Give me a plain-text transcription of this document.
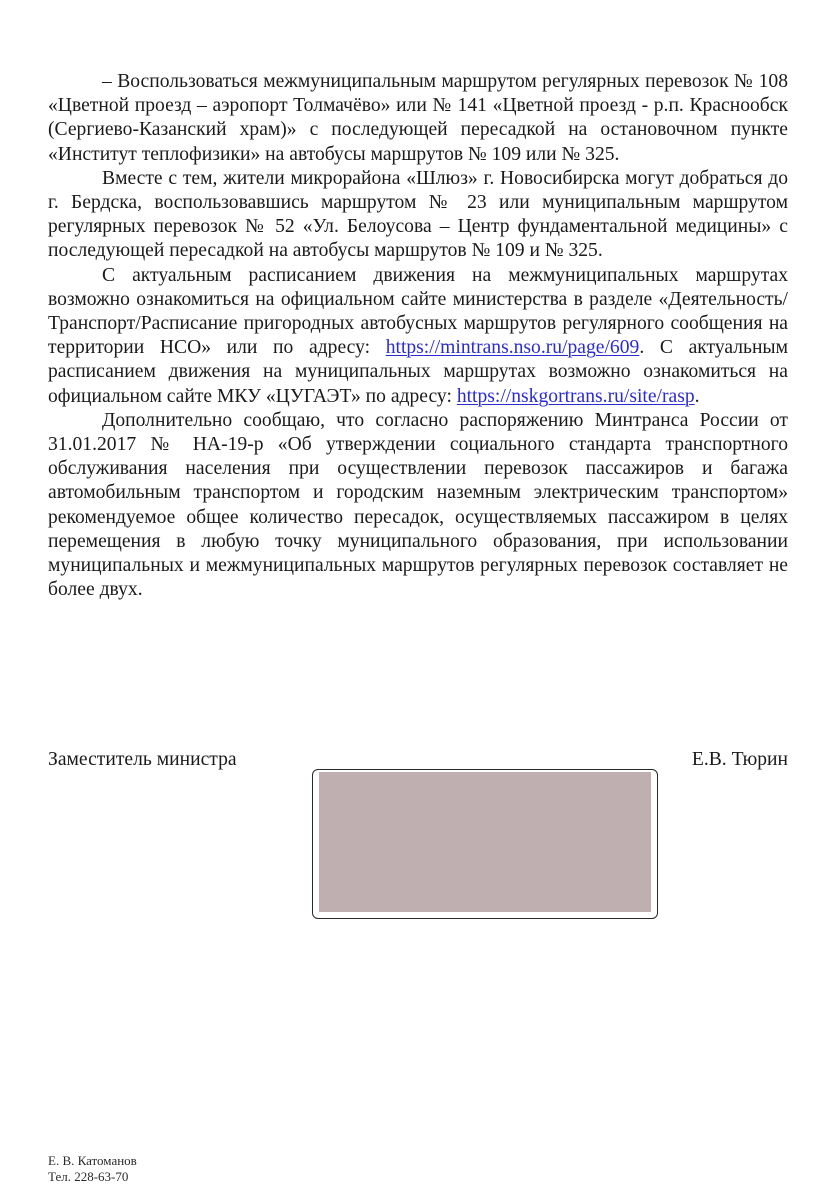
– Воспользоваться межмуниципальным маршрутом регулярных перевозок № 108 «Цветной проезд – аэропорт Толмачёво» или № 141 «Цветной проезд - р.п. Краснообск (Сергиево-Казанский храм)» с последующей пересадкой на остановочном пункте «Институт теплофизики» на автобусы маршрутов № 109 или № 325.

Вместе с тем, жители микрорайона «Шлюз» г. Новосибирска могут добраться до г. Бердска, воспользовавшись маршрутом № 23 или муниципальным маршрутом регулярных перевозок № 52 «Ул. Белоусова – Центр фундаментальной медицины» с последующей пересадкой на автобусы маршрутов № 109 и № 325.

С актуальным расписанием движения на межмуниципальных маршрутах возможно ознакомиться на официальном сайте министерства в разделе «Деятельность/Транспорт/Расписание пригородных автобусных маршрутов регулярного сообщения на территории НСО» или по адресу: https://mintrans.nso.ru/page/609. С актуальным расписанием движения на муниципальных маршрутах возможно ознакомиться на официальном сайте МКУ «ЦУГАЭТ» по адресу: https://nskgortrans.ru/site/rasp.

Дополнительно сообщаю, что согласно распоряжению Минтранса России от 31.01.2017 № НА-19-р «Об утверждении социального стандарта транспортного обслуживания населения при осуществлении перевозок пассажиров и багажа автомобильным транспортом и городским наземным электрическим транспортом» рекомендуемое общее количество пересадок, осуществляемых пассажиром в целях перемещения в любую точку муниципального образования, при использовании муниципальных и межмуниципальных маршрутов регулярных перевозок составляет не более двух.

Заместитель министра	Е.В. Тюрин
Е. В. Катоманов
Тел. 228-63-70
